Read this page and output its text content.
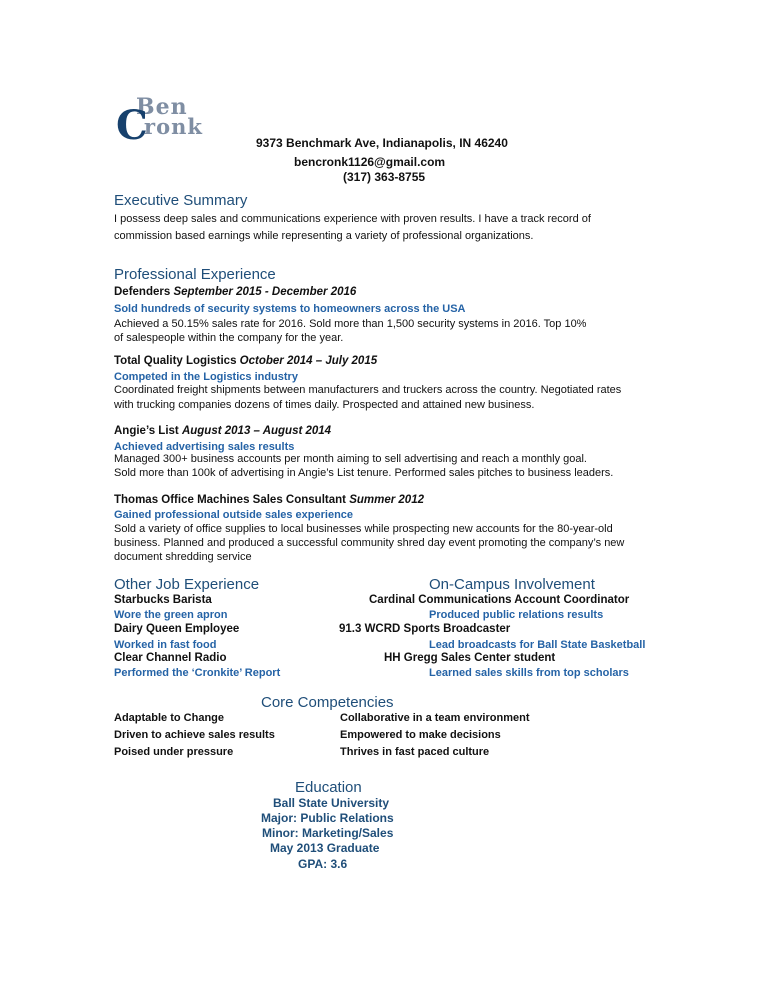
Ben
C
ronk
9373 Benchmark Ave, Indianapolis, IN 46240
bencronk1126@gmail.com
(317) 363-8755
Executive Summary
I possess deep sales and communications experience with proven results. I have a track record of
commission based earnings while representing a variety of professional organizations.
Professional Experience
Defenders September 2015 - December 2016
Sold hundreds of security systems to homeowners across the USA
Achieved a 50.15% sales rate for 2016. Sold more than 1,500 security systems in 2016. Top 10%
of salespeople within the company for the year.
Total Quality Logistics October 2014 – July 2015
Competed in the Logistics industry
Coordinated freight shipments between manufacturers and truckers across the country. Negotiated rates
with trucking companies dozens of times daily. Prospected and attained new business.
Angie’s List August 2013 – August 2014
Achieved advertising sales results
Managed 300+ business accounts per month aiming to sell advertising and reach a monthly goal.
Sold more than 100k of advertising in Angie’s List tenure. Performed sales pitches to business leaders.
Thomas Office Machines Sales Consultant Summer 2012
Gained professional outside sales experience
Sold a variety of office supplies to local businesses while prospecting new accounts for the 80-year-old
business. Planned and produced a successful community shred day event promoting the company’s new
document shredding service
Other Job Experience
Starbucks Barista
Wore the green apron
Dairy Queen Employee
Worked in fast food
Clear Channel Radio
Performed the ‘Cronkite’ Report
On-Campus Involvement
Cardinal Communications Account Coordinator
Produced public relations results
91.3 WCRD Sports Broadcaster
Lead broadcasts for Ball State Basketball
HH Gregg Sales Center student
Learned sales skills from top scholars
Core Competencies
Adaptable to Change
Driven to achieve sales results
Poised under pressure
Collaborative in a team environment
Empowered to make decisions
Thrives in fast paced culture
Education
Ball State University
Major: Public Relations
Minor: Marketing/Sales
May 2013 Graduate
GPA: 3.6
